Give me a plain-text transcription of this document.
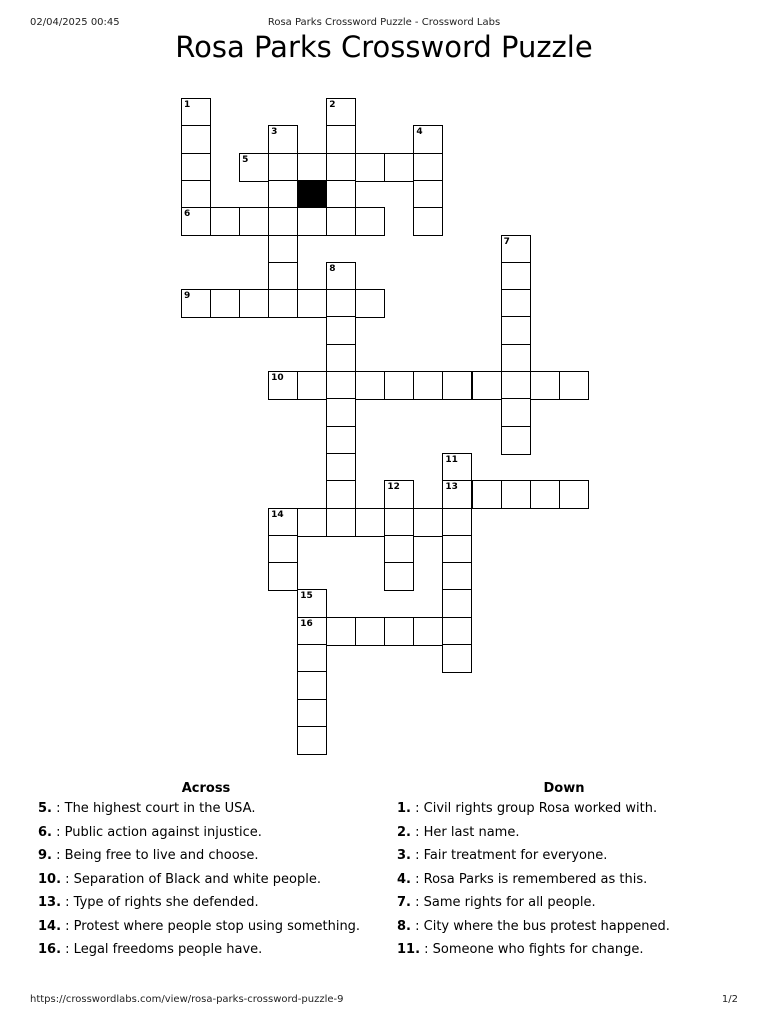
02/04/2025 00:45	Rosa Parks Crossword Puzzle - Crossword Labs
Rosa Parks Crossword Puzzle
1	2
3	4
5
6
7
8
9
10
11
12	13
14
15
16
Across
5. : The highest court in the USA.
6. : Public action against injustice.
9. : Being free to live and choose.
10. : Separation of Black and white people.
13. : Type of rights she defended.
14. : Protest where people stop using something.
16. : Legal freedoms people have.
Down
1. : Civil rights group Rosa worked with.
2. : Her last name.
3. : Fair treatment for everyone.
4. : Rosa Parks is remembered as this.
7. : Same rights for all people.
8. : City where the bus protest happened.
11. : Someone who fights for change.
https://crosswordlabs.com/view/rosa-parks-crossword-puzzle-9	1/2
